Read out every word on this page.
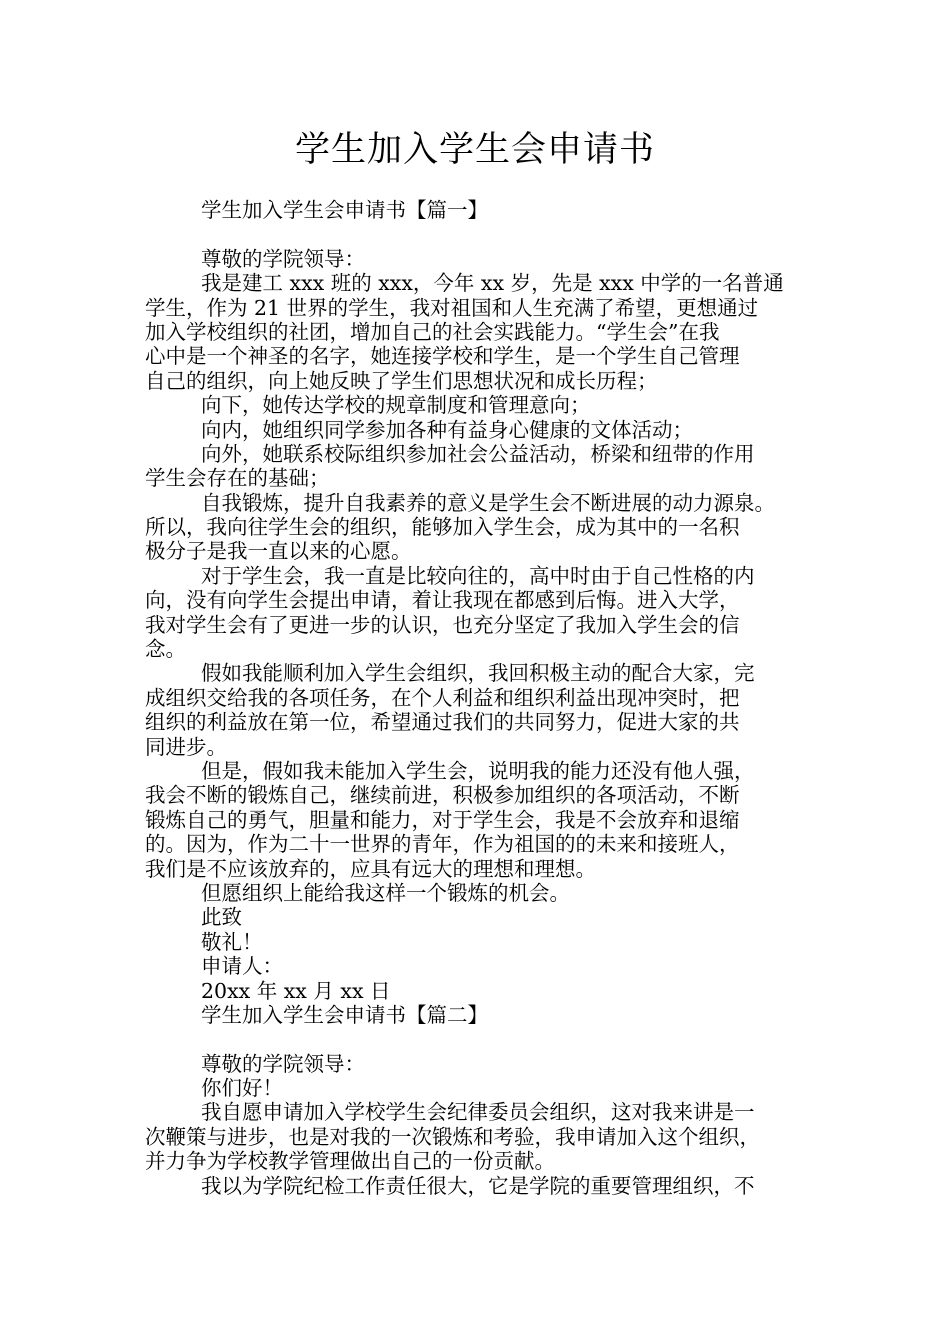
学生加入学生会申请书
学生加入学生会申请书【篇一】
尊敬的学院领导：
我是建工 xxx 班的 xxx，今年 xx 岁，先是 xxx 中学的一名普通
学生，作为 21 世界的学生，我对祖国和人生充满了希望，更想通过
加入学校组织的社团，增加自己的社会实践能力。“学生会”在我
心中是一个神圣的名字，她连接学校和学生，是一个学生自己管理
自己的组织，向上她反映了学生们思想状况和成长历程；
向下，她传达学校的规章制度和管理意向；
向内，她组织同学参加各种有益身心健康的文体活动；
向外，她联系校际组织参加社会公益活动，桥梁和纽带的作用
学生会存在的基础；
自我锻炼，提升自我素养的意义是学生会不断进展的动力源泉。
所以，我向往学生会的组织，能够加入学生会，成为其中的一名积
极分子是我一直以来的心愿。
对于学生会，我一直是比较向往的，高中时由于自己性格的内
向，没有向学生会提出申请，着让我现在都感到后悔。进入大学，
我对学生会有了更进一步的认识，也充分坚定了我加入学生会的信
念。
假如我能顺利加入学生会组织，我回积极主动的配合大家，完
成组织交给我的各项任务，在个人利益和组织利益出现冲突时，把
组织的利益放在第一位，希望通过我们的共同努力，促进大家的共
同进步。
但是，假如我未能加入学生会，说明我的能力还没有他人强，
我会不断的锻炼自己，继续前进，积极参加组织的各项活动，不断
锻炼自己的勇气，胆量和能力，对于学生会，我是不会放弃和退缩
的。因为，作为二十一世界的青年，作为祖国的的未来和接班人，
我们是不应该放弃的，应具有远大的理想和理想。
但愿组织上能给我这样一个锻炼的机会。
此致
敬礼！
申请人：
20xx 年 xx 月 xx 日
学生加入学生会申请书【篇二】
尊敬的学院领导：
你们好！
我自愿申请加入学校学生会纪律委员会组织，这对我来讲是一
次鞭策与进步，也是对我的一次锻炼和考验，我申请加入这个组织，
并力争为学校教学管理做出自己的一份贡献。
我以为学院纪检工作责任很大，它是学院的重要管理组织，不
